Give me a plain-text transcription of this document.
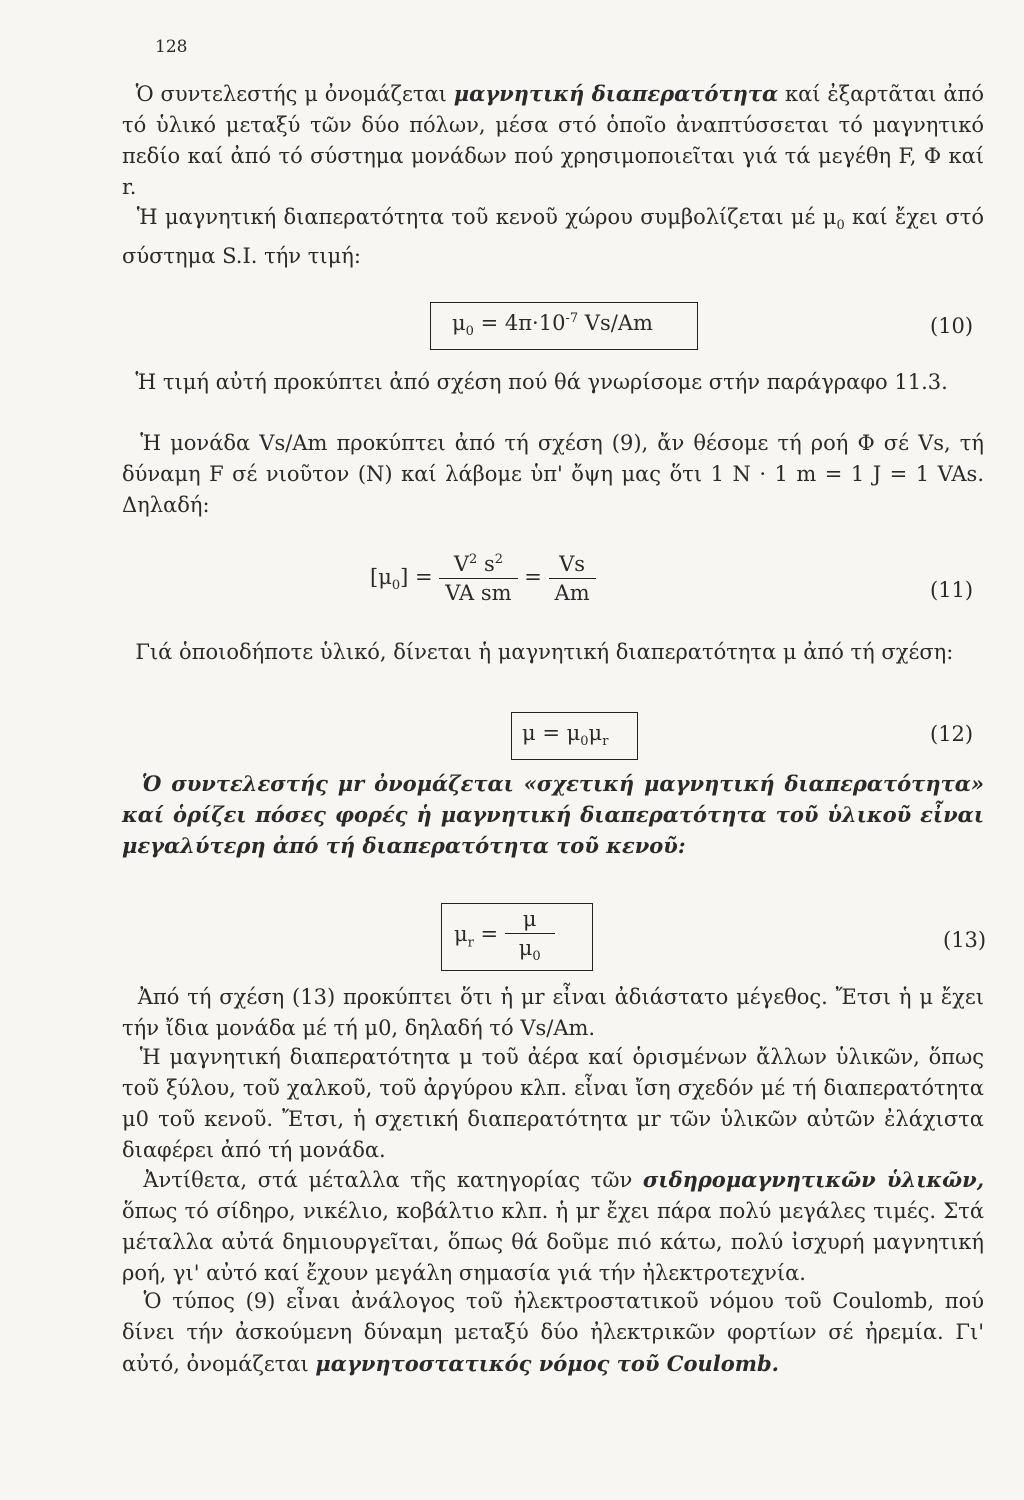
128
Ὁ συντελεστής μ ὀνομάζεται μαγνητική διαπερατότητα καί ἐξαρτᾶται ἀπό τό ὑλικό μεταξύ τῶν δύο πόλων, μέσα στό ὁποῖο ἀναπτύσσεται τό μαγνητικό πεδίο καί ἀπό τό σύστημα μονάδων πού χρησιμοποιεῖται γιά τά μεγέθη F, Φ καί r.
Ἡ μαγνητική διαπερατότητα τοῦ κενοῦ χώρου συμβολίζεται μέ $\mu_0$ καί ἔχει στό σύστημα S.I. τήν τιμή:
$\mu_0 = 4\pi\cdot 10^{-7}$ Vs/Am	(10)
Ἡ τιμή αὐτή προκύπτει ἀπό σχέση πού θά γνωρίσομε στήν παράγραφο 11.3.
Ἡ μονάδα Vs/Am προκύπτει ἀπό τή σχέση (9), ἄν θέσομε τή ροή Φ σέ Vs, τή δύναμη F σέ νιοῦτον (N) καί λάβομε ὑπ' ὄψη μας ὅτι 1 N · 1 m = 1 J = 1 VAs. Δηλαδή:
$[\mu_0] = \frac{V^2 s^2}{\text{VA sm}} = \frac{Vs}{Am}$	(11)
Γιά ὁποιοδήποτε ὑλικό, δίνεται ἡ μαγνητική διαπερατότητα μ ἀπό τή σχέση:
$\mu = \mu_0\mu_r$	(12)
Ὁ συντελεστής μr ὀνομάζεται «σχετική μαγνητική διαπερατότητα» καί ὁρίζει πόσες φορές ἡ μαγνητική διαπερατότητα τοῦ ὑλικοῦ εἶναι μεγαλύτερη ἀπό τή διαπερατότητα τοῦ κενοῦ:
$\mu_r = \frac{\mu}{\mu_0}$	(13)
Ἀπό τή σχέση (13) προκύπτει ὅτι ἡ μr εἶναι ἀδιάστατο μέγεθος. Ἔτσι ἡ μ ἔχει τήν ἴδια μονάδα μέ τή μ0, δηλαδή τό Vs/Am.
Ἡ μαγνητική διαπερατότητα μ τοῦ ἀέρα καί ὁρισμένων ἄλλων ὑλικῶν, ὅπως τοῦ ξύλου, τοῦ χαλκοῦ, τοῦ ἀργύρου κλπ. εἶναι ἴση σχεδόν μέ τή διαπερατότητα μ0 τοῦ κενοῦ. Ἔτσι, ἡ σχετική διαπερατότητα μr τῶν ὑλικῶν αὐτῶν ἐλάχιστα διαφέρει ἀπό τή μονάδα.
Ἀντίθετα, στά μέταλλα τῆς κατηγορίας τῶν σιδηρομαγνητικῶν ὑλικῶν, ὅπως τό σίδηρο, νικέλιο, κοβάλτιο κλπ. ἡ μr ἔχει πάρα πολύ μεγάλες τιμές. Στά μέταλλα αὐτά δημιουργεῖται, ὅπως θά δοῦμε πιό κάτω, πολύ ἰσχυρή μαγνητική ροή, γι' αὐτό καί ἔχουν μεγάλη σημασία γιά τήν ἠλεκτροτεχνία.
Ὁ τύπος (9) εἶναι ἀνάλογος τοῦ ἠλεκτροστατικοῦ νόμου τοῦ Coulomb, πού δίνει τήν ἀσκούμενη δύναμη μεταξύ δύο ἠλεκτρικῶν φορτίων σέ ἠρεμία. Γι' αὐτό, ὀνομάζεται μαγνητοστατικός νόμος τοῦ Coulomb.
